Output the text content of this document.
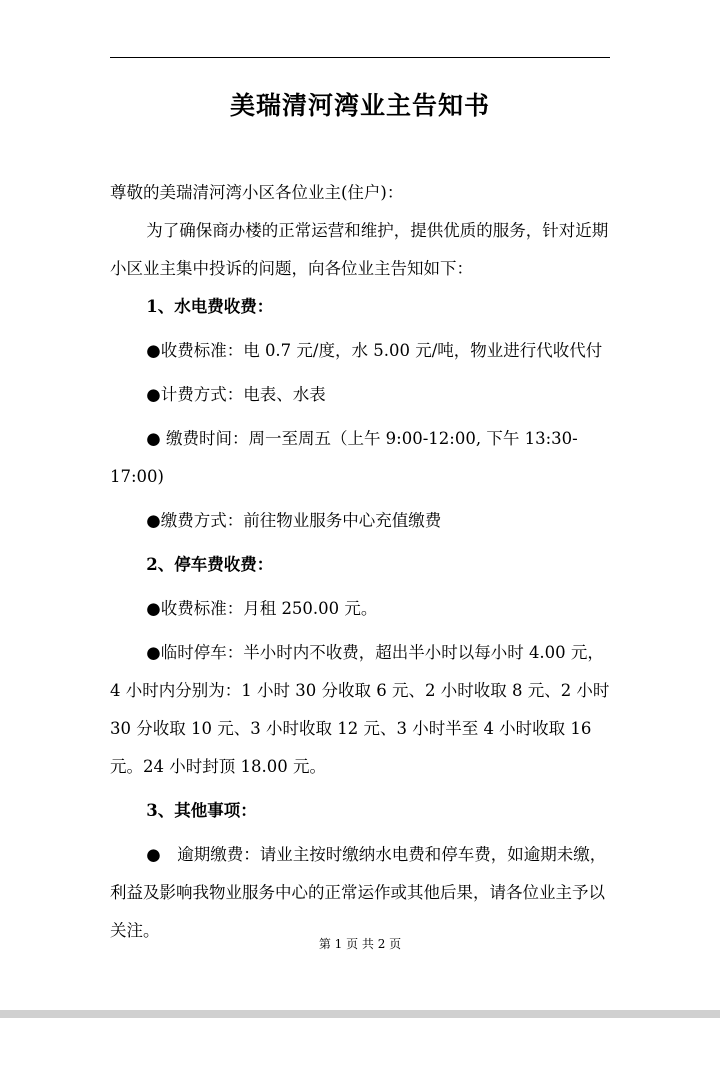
美瑞清河湾业主告知书

尊敬的美瑞清河湾小区各位业主(住户)：

为了确保商办楼的正常运营和维护，提供优质的服务，针对近期小区业主集中投诉的问题，向各位业主告知如下：

1、水电费收费：

●收费标准：电 0.7 元/度，水 5.00 元/吨，物业进行代收代付

●计费方式：电表、水表

● 缴费时间：周一至周五（上午 9:00-12:00, 下午 13:30-17:00)

●缴费方式：前往物业服务中心充值缴费

2、停车费收费：

●收费标准：月租 250.00 元。

●临时停车：半小时内不收费，超出半小时以每小时 4.00 元， 4 小时内分别为：1 小时 30 分收取 6 元、2 小时收取 8 元、2 小时 30 分收取 10 元、3 小时收取 12 元、3 小时半至 4 小时收取 16 元。24 小时封顶 18.00 元。

3、其他事项：

●　逾期缴费：请业主按时缴纳水电费和停车费，如逾期未缴，利益及影响我物业服务中心的正常运作或其他后果，请各位业主予以关注。

第 1 页 共 2 页
